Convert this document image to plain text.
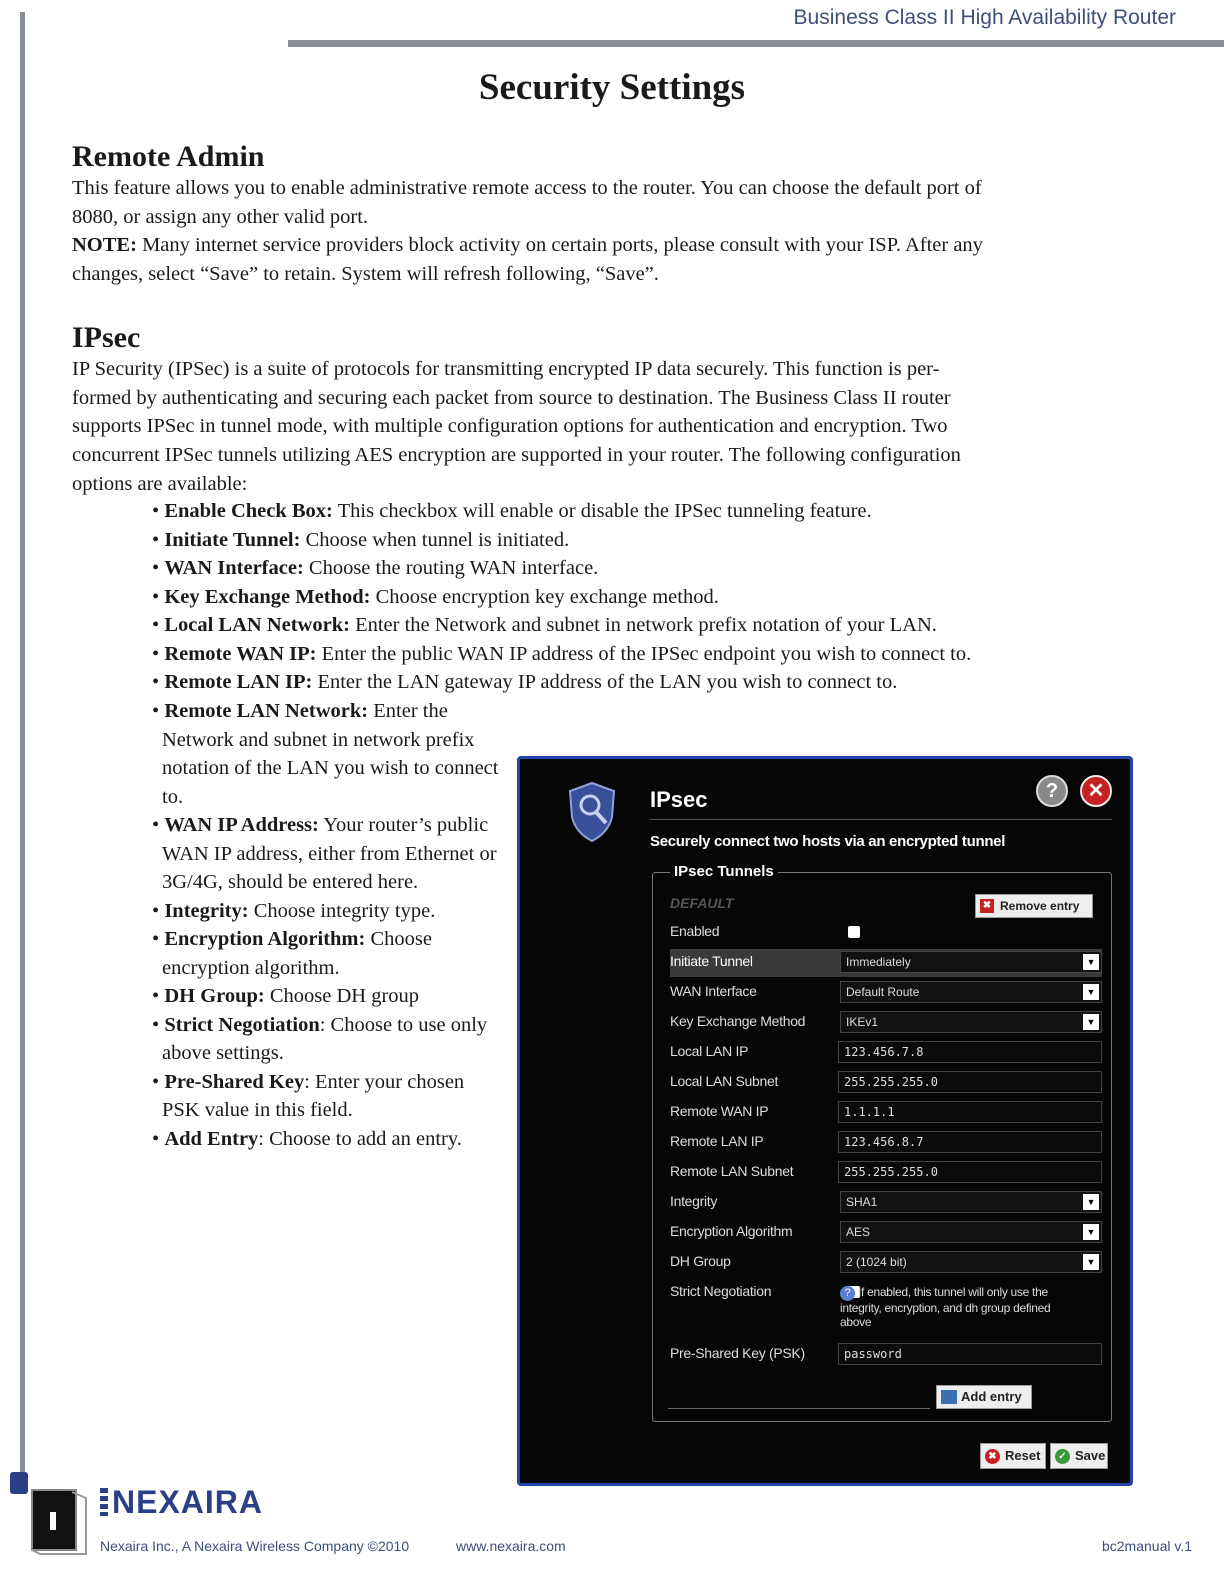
Business Class II High Availability Router
Security Settings
Remote Admin
This feature allows you to enable administrative remote access to the router. You can choose the default port of
8080, or assign any other valid port.
NOTE: Many internet service providers block activity on certain ports, please consult with your ISP. After any
changes, select “Save” to retain. System will refresh following, “Save”.
IPsec
IP Security (IPSec) is a suite of protocols for transmitting encrypted IP data securely. This function is per-
formed by authenticating and securing each packet from source to destination. The Business Class II router
supports IPSec in tunnel mode, with multiple configuration options for authentication and encryption. Two
concurrent IPSec tunnels utilizing AES encryption are supported in your router. The following configuration
options are available:
• Enable Check Box: This checkbox will enable or disable the IPSec tunneling feature.
• Initiate Tunnel: Choose when tunnel is initiated.
• WAN Interface: Choose the routing WAN interface.
• Key Exchange Method: Choose encryption key exchange method.
• Local LAN Network: Enter the Network and subnet in network prefix notation of your LAN.
• Remote WAN IP: Enter the public WAN IP address of the IPSec endpoint you wish to connect to.
• Remote LAN IP: Enter the LAN gateway IP address of the LAN you wish to connect to.
• Remote LAN Network: Enter the Network and subnet in network prefix notation of the LAN you wish to connect to.
• WAN IP Address: Your router’s public WAN IP address, either from Ethernet or 3G/4G, should be entered here.
• Integrity: Choose integrity type.
• Encryption Algorithm: Choose encryption algorithm.
• DH Group: Choose DH group
• Strict Negotiation: Choose to use only above settings.
• Pre-Shared Key: Enter your chosen PSK value in this field.
• Add Entry: Choose to add an entry.
IPsec	?	✕
Securely connect two hosts via an encrypted tunnel
IPsec Tunnels
DEFAULT	✖ Remove entry
Enabled
Initiate Tunnel	Immediately	▼
WAN Interface	Default Route	▼
Key Exchange Method	IKEv1	▼
Local LAN IP	123.456.7.8
Local LAN Subnet	255.255.255.0
Remote WAN IP	1.1.1.1
Remote LAN IP	123.456.8.7
Remote LAN Subnet	255.255.255.0
Integrity	SHA1	▼
Encryption Algorithm	AES	▼
DH Group	2 (1024 bit)	▼
Strict Negotiation	? If enabled, this tunnel will only use the integrity, encryption, and dh group defined above
Pre-Shared Key (PSK)	password
Add entry
✖ Reset	✓ Save
NEXAIRA
Nexaira Inc., A Nexaira Wireless Company ©2010	www.nexaira.com	bc2manual v.1
